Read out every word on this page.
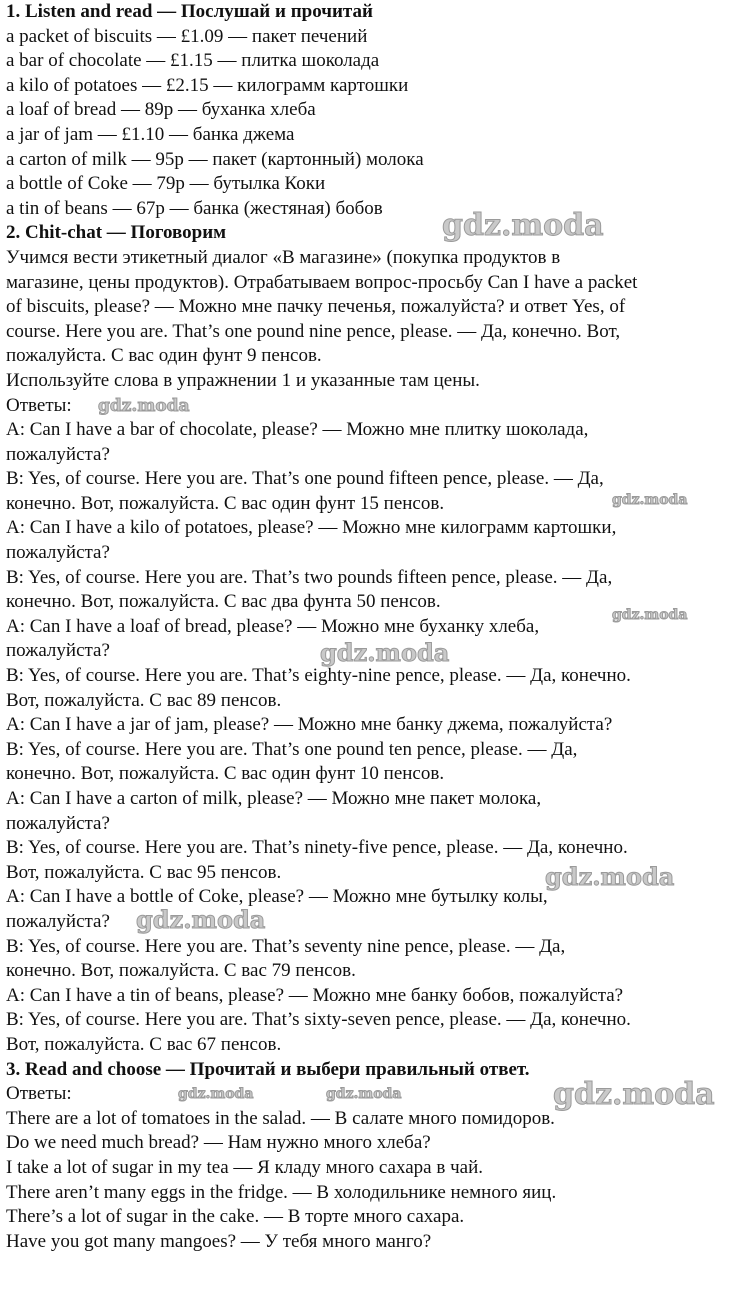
1. Listen and read — Послушай и прочитай
a packet of biscuits — £1.09 — пакет печений
a bar of chocolate — £1.15 — плитка шоколада
a kilo of potatoes — £2.15 — килограмм картошки
a loaf of bread — 89p — буханка хлеба
a jar of jam — £1.10 — банка джема
a carton of milk — 95p — пакет (картонный) молока
a bottle of Coke — 79p — бутылка Коки
a tin of beans — 67p — банка (жестяная) бобов
2. Chit-chat — Поговорим
Учимся вести этикетный диалог «В магазине» (покупка продуктов в
магазине, цены продуктов). Отрабатываем вопрос-просьбу Can I have a packet
of biscuits, please? — Можно мне пачку печенья, пожалуйста? и ответ Yes, of
course. Here you are. That’s one pound nine pence, please. — Да, конечно. Вот,
пожалуйста. С вас один фунт 9 пенсов.
Используйте слова в упражнении 1 и указанные там цены.
Ответы:
A: Can I have a bar of chocolate, please? — Можно мне плитку шоколада,
пожалуйста?
B: Yes, of course. Here you are. That’s one pound fifteen pence, please. — Да,
конечно. Вот, пожалуйста. С вас один фунт 15 пенсов.
A: Can I have a kilo of potatoes, please? — Можно мне килограмм картошки,
пожалуйста?
B: Yes, of course. Here you are. That’s two pounds fifteen pence, please. — Да,
конечно. Вот, пожалуйста. С вас два фунта 50 пенсов.
A: Can I have a loaf of bread, please? — Можно мне буханку хлеба,
пожалуйста?
B: Yes, of course. Here you are. That’s eighty-nine pence, please. — Да, конечно.
Вот, пожалуйста. С вас 89 пенсов.
A: Can I have a jar of jam, please? — Можно мне банку джема, пожалуйста?
B: Yes, of course. Here you are. That’s one pound ten pence, please. — Да,
конечно. Вот, пожалуйста. С вас один фунт 10 пенсов.
A: Can I have a carton of milk, please? — Можно мне пакет молока,
пожалуйста?
B: Yes, of course. Here you are. That’s ninety-five pence, please. — Да, конечно.
Вот, пожалуйста. С вас 95 пенсов.
A: Can I have a bottle of Coke, please? — Можно мне бутылку колы,
пожалуйста?
B: Yes, of course. Here you are. That’s seventy nine pence, please. — Да,
конечно. Вот, пожалуйста. С вас 79 пенсов.
A: Can I have a tin of beans, please? — Можно мне банку бобов, пожалуйста?
B: Yes, of course. Here you are. That’s sixty-seven pence, please. — Да, конечно.
Вот, пожалуйста. С вас 67 пенсов.
3. Read and choose — Прочитай и выбери правильный ответ.
Ответы:
There are a lot of tomatoes in the salad. — В салате много помидоров.
Do we need much bread? — Нам нужно много хлеба?
I take a lot of sugar in my tea — Я кладу много сахара в чай.
There aren’t many eggs in the fridge. — В холодильнике немного яиц.
There’s a lot of sugar in the cake. — В торте много сахара.
Have you got many mangoes? — У тебя много манго?
gdz.moda
gdz.moda
gdz.moda
gdz.moda
gdz.moda
gdz.moda
gdz.moda
gdz.moda	gdz.moda	gdz.moda
